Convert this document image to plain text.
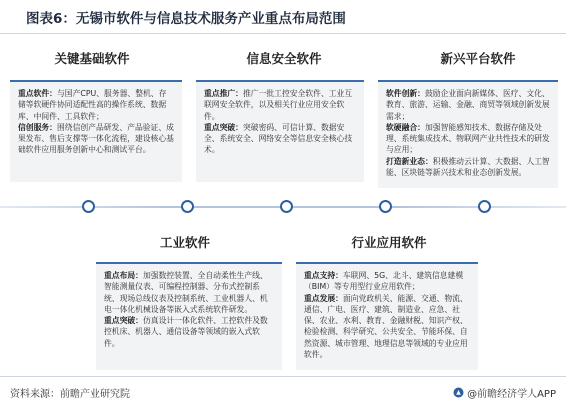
图表6：无锡市软件与信息技术服务产业重点布局范围
关键基础软件	信息安全软件	新兴平台软件

重点软件：与国产CPU、服务器、整机、存储等软硬件协同适配性高的操作系统、数据库、中间件、工具软件；

信创服务：围绕信创产品研发、产品验证、成果发布、售后支撑等一体化流程，建设核心基础软件应用服务创新中心和测试平台。

重点推广：推广一批工控安全软件、工业互联网安全软件，以及相关行业应用安全软件。

重点突破：突破密码、可信计算、数据安全、系统安全、网络安全等信息安全核心技术。

软件创新：鼓励企业面向新媒体、医疗、文化、教育、旅游、运输、金融、商贸等领域创新发展需求；

软硬融合：加强智能感知技术、数据存储及处理、系统集成技术、物联网产业共性技术的研发与应用；

打造新业态：积极推动云计算、大数据、人工智能、区块链等新兴技术和业态创新发展。

工业软件	行业应用软件

重点布局：加强数控装置、全自动柔性生产线、智能测量仪表、可编程控制器、分布式控制系统、现场总线仪表及控制系统、工业机器人、机电一体化机械设备等嵌入式系统软件研发。

重点突破：仿真设计一体化软件、工控软件及数控机床、机器人、通信设备等领域的嵌入式软件。

重点支持：车联网、5G、北斗、建筑信息建模（BIM）等专用型行业应用软件；

重点发展：面向党政机关、能源、交通、物流、通信、广电、医疗、建筑、制造业、应急、社保、农业、水利、教育、金融财税、知识产权、检验检测、科学研究、公共安全、节能环保、自然资源、城市管理、地理信息等领域的专业应用软件。

资料来源：前瞻产业研究院	@前瞻经济学人APP
